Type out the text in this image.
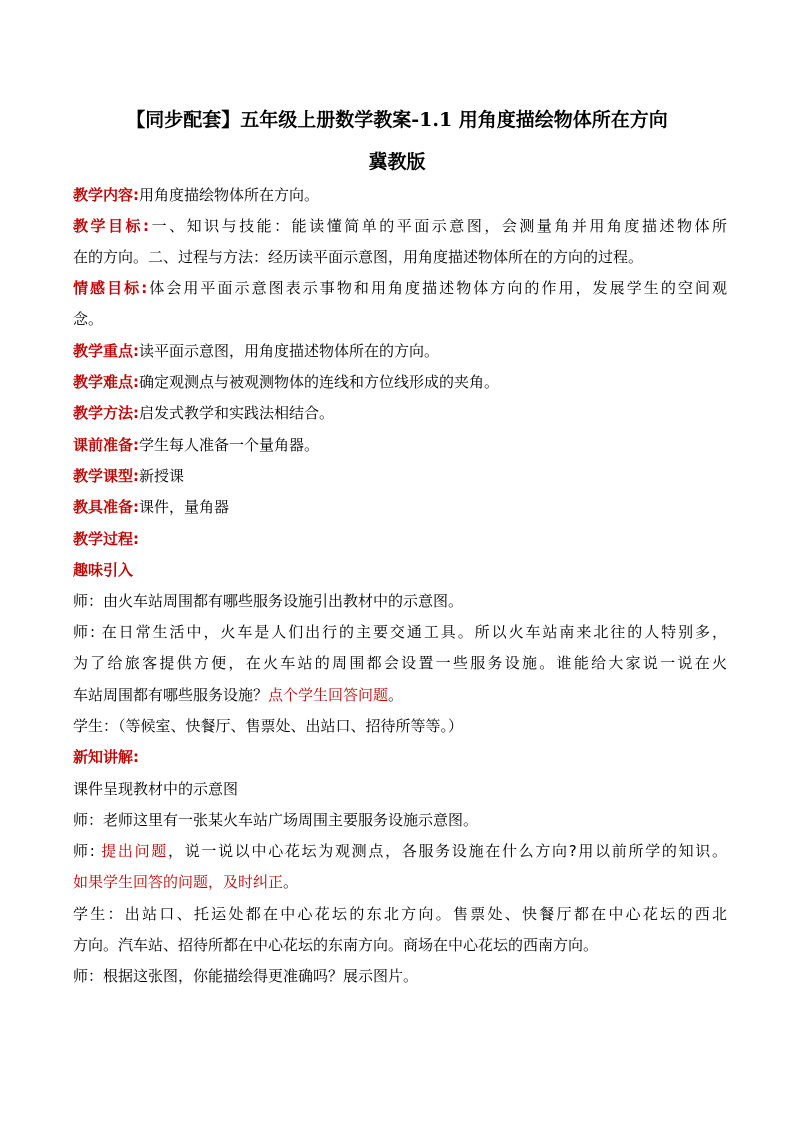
【同步配套】五年级上册数学教案-1.1 用角度描绘物体所在方向
冀教版
教学内容:用角度描绘物体所在方向。
教学目标:一、知识与技能：能读懂简单的平面示意图，会测量角并用角度描述物体所
在的方向。二、过程与方法：经历读平面示意图，用角度描述物体所在的方向的过程。
情感目标:体会用平面示意图表示事物和用角度描述物体方向的作用，发展学生的空间观
念。
教学重点:读平面示意图，用角度描述物体所在的方向。
教学难点:确定观测点与被观测物体的连线和方位线形成的夹角。
教学方法:启发式教学和实践法相结合。
课前准备:学生每人准备一个量角器。
教学课型:新授课
教具准备:课件，量角器
教学过程:
趣味引入
师：由火车站周围都有哪些服务设施引出教材中的示意图。
师: 在日常生活中，火车是人们出行的主要交通工具。所以火车站南来北往的人特别多，
为了给旅客提供方便，在火车站的周围都会设置一些服务设施。谁能给大家说一说在火
车站周围都有哪些服务设施？点个学生回答问题。
学生：（等候室、快餐厅、售票处、出站口、招待所等等。）
新知讲解:
课件呈现教材中的示意图
师：老师这里有一张某火车站广场周围主要服务设施示意图。
师: 提出问题，说一说以中心花坛为观测点，各服务设施在什么方向?用以前所学的知识。
如果学生回答的问题，及时纠正。
学生：出站口、托运处都在中心花坛的东北方向。售票处、快餐厅都在中心花坛的西北
方向。汽车站、招待所都在中心花坛的东南方向。商场在中心花坛的西南方向。
师：根据这张图，你能描绘得更准确吗？展示图片。
